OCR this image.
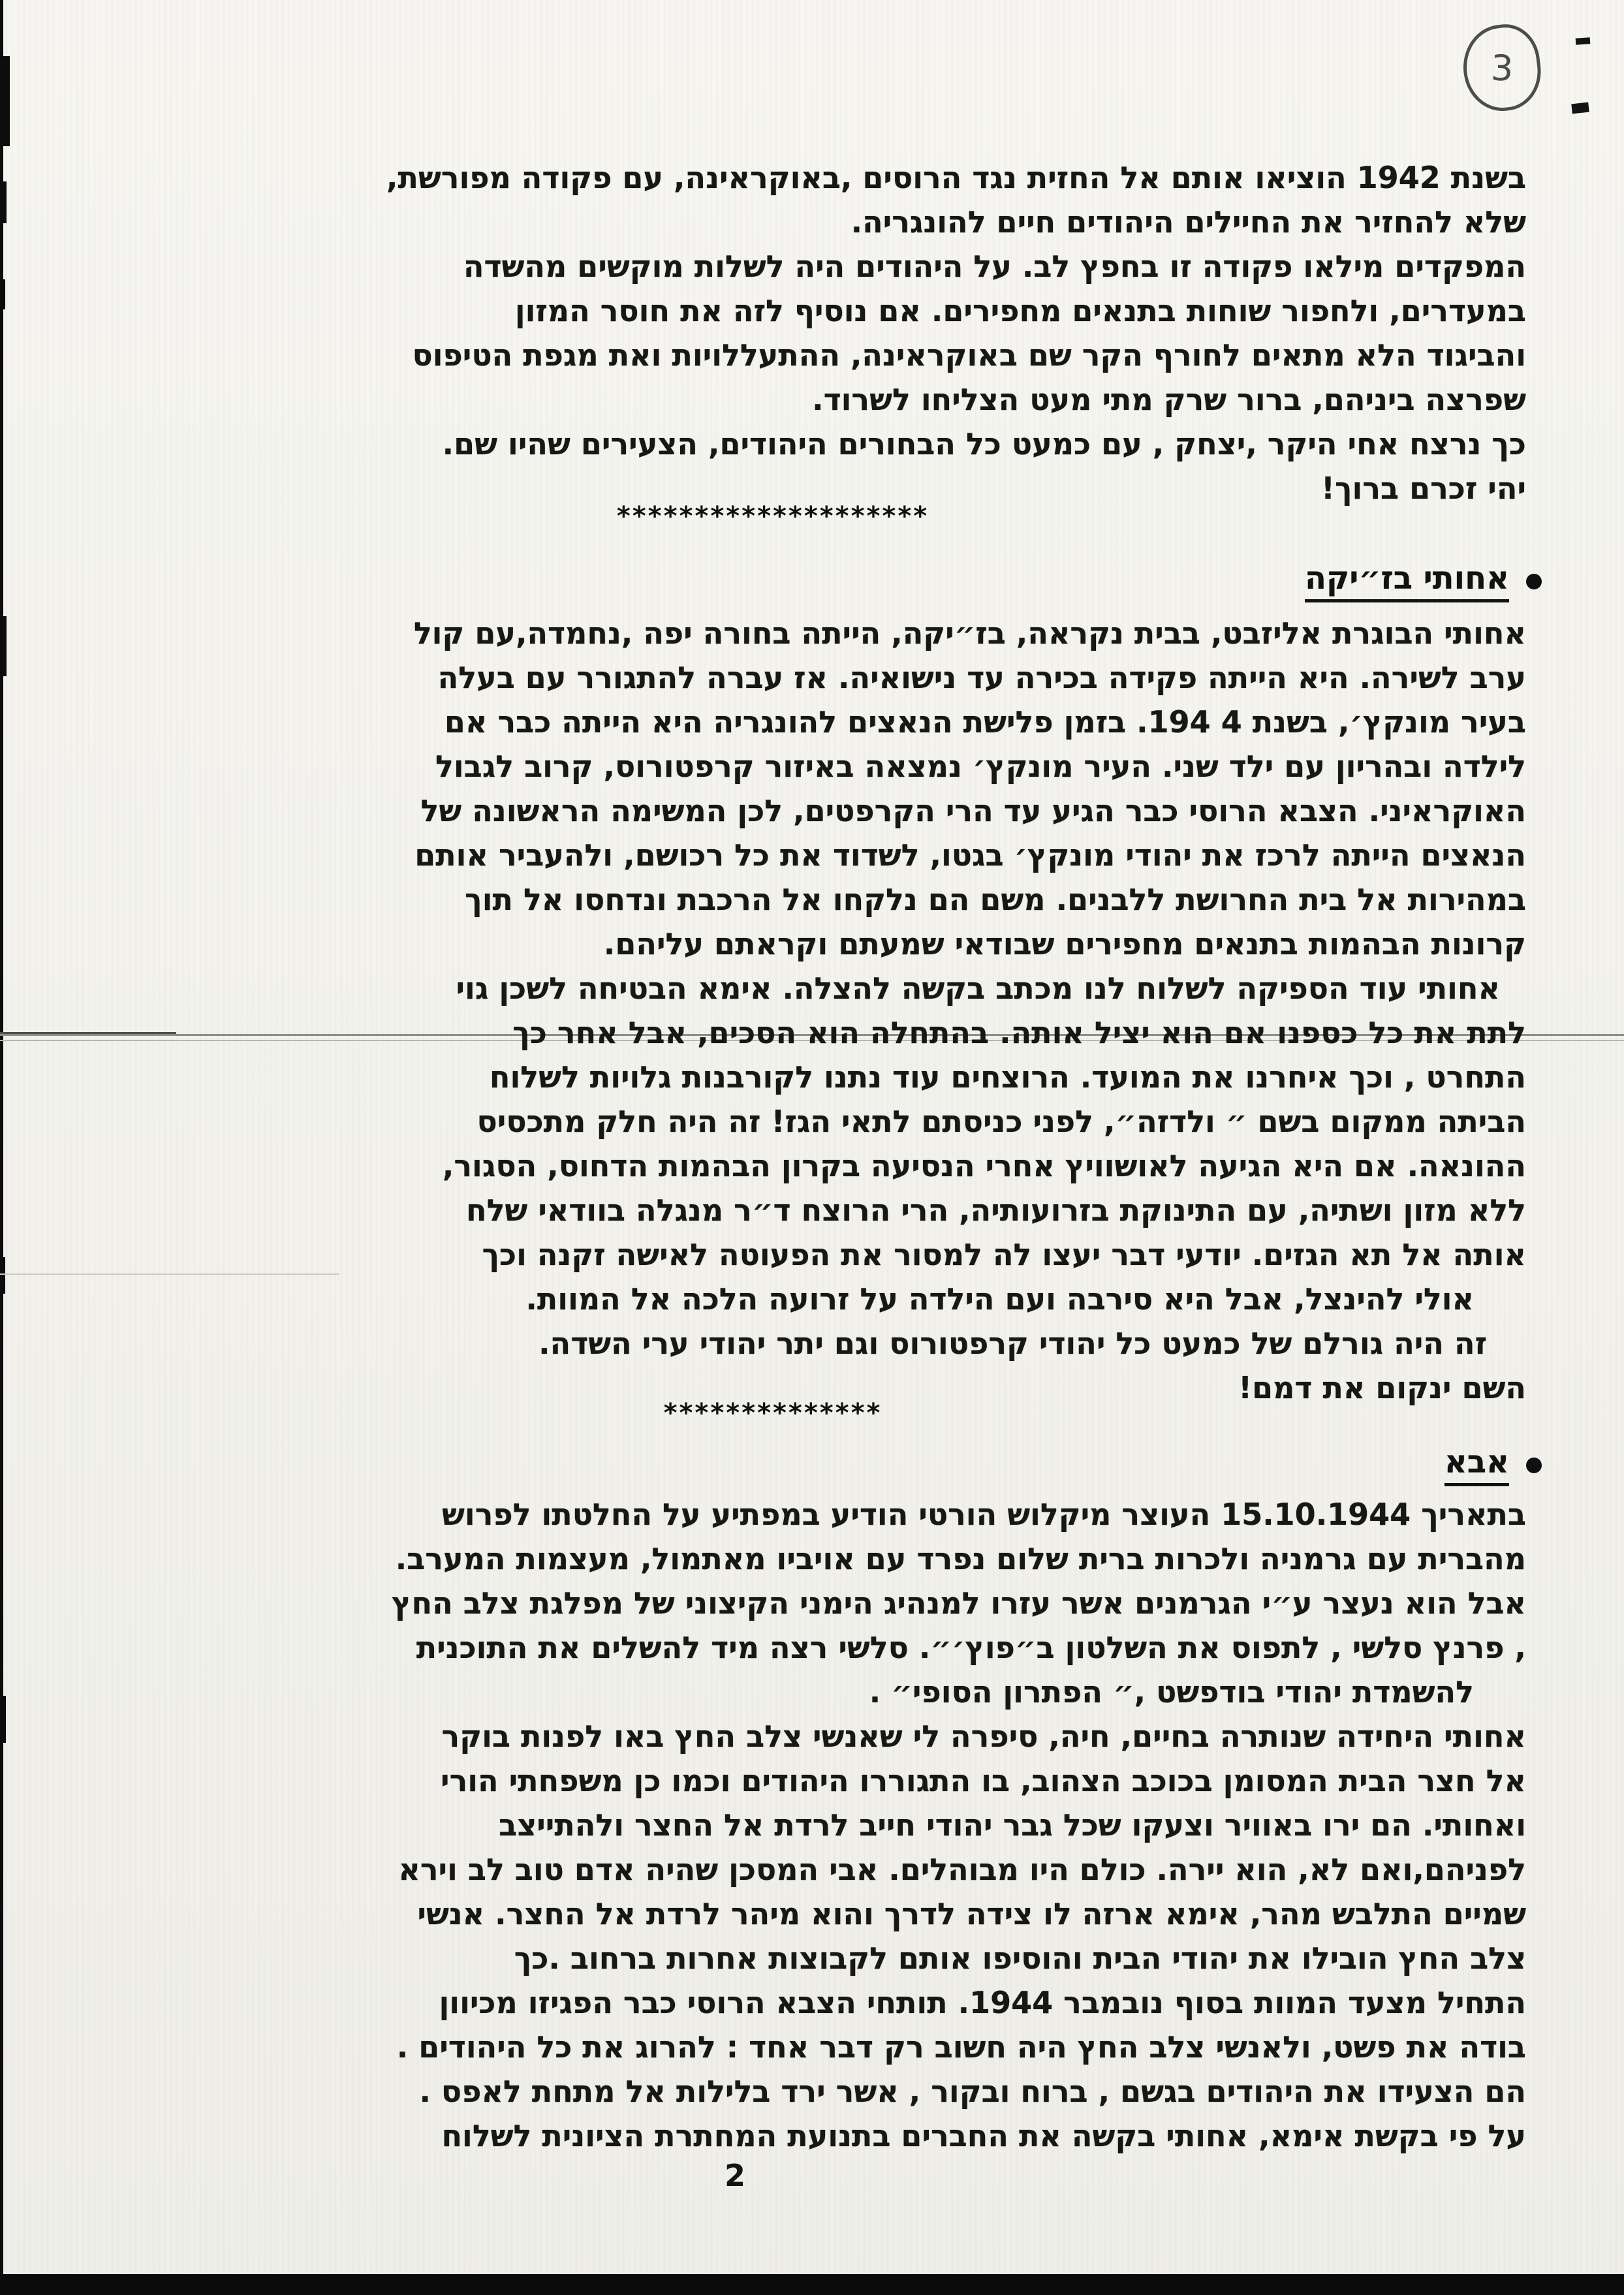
3
בשנת 1942 הוציאו אותם אל החזית נגד הרוסים ,באוקראינה, עם פקודה מפורשת,
שלא להחזיר את החיילים היהודים חיים להונגריה.
המפקדים מילאו פקודה זו בחפץ לב. על היהודים היה לשלות מוקשים מהשדה
במעדרים, ולחפור שוחות בתנאים מחפירים. אם נוסיף לזה את חוסר המזון
והביגוד הלא מתאים לחורף הקר שם באוקראינה, ההתעללויות ואת מגפת הטיפוס
שפרצה ביניהם, ברור שרק מתי מעט הצליחו לשרוד.
כך נרצח אחי היקר ,יצחק , עם כמעט כל הבחורים היהודים, הצעירים שהיו שם.
יהי זכרם ברוך!
********************
אחותי בז״יקה
אחותי הבוגרת אליזבט, בבית נקראה, בז״יקה, הייתה בחורה יפה ,נחמדה,עם קול
ערב לשירה. היא הייתה פקידה בכירה עד נישואיה. אז עברה להתגורר עם בעלה
בעיר מונקץ׳, בשנת 4 194. בזמן פלישת הנאצים להונגריה היא הייתה כבר אם
לילדה ובהריון עם ילד שני. העיר מונקץ׳ נמצאה באיזור קרפטורוס, קרוב לגבול
האוקראיני. הצבא הרוסי כבר הגיע עד הרי הקרפטים, לכן המשימה הראשונה של
הנאצים הייתה לרכז את יהודי מונקץ׳ בגטו, לשדוד את כל רכושם, ולהעביר אותם
במהירות אל בית החרושת ללבנים. משם הם נלקחו אל הרכבת ונדחסו אל תוך
קרונות הבהמות בתנאים מחפירים שבודאי שמעתם וקראתם עליהם.
אחותי עוד הספיקה לשלוח לנו מכתב בקשה להצלה. אימא הבטיחה לשכן גוי
לתת את כל כספנו אם הוא יציל אותה. בהתחלה הוא הסכים, אבל אחר כך
התחרט , וכך איחרנו את המועד. הרוצחים עוד נתנו לקורבנות גלויות לשלוח
הביתה ממקום בשם ״ ולדזה״, לפני כניסתם לתאי הגז! זה היה חלק מתכסיס
ההונאה. אם היא הגיעה לאושוויץ אחרי הנסיעה בקרון הבהמות הדחוס, הסגור,
ללא מזון ושתיה, עם התינוקת בזרועותיה, הרי הרוצח ד״ר מנגלה בוודאי שלח
אותה אל תא הגזים. יודעי דבר יעצו לה למסור את הפעוטה לאישה זקנה וכך
אולי להינצל, אבל היא סירבה ועם הילדה על זרועה הלכה אל המוות.
זה היה גורלם של כמעט כל יהודי קרפטורוס וגם יתר יהודי ערי השדה.
השם ינקום את דמם!
**************
אבא
בתאריך 15.10.1944 העוצר מיקלוש הורטי הודיע במפתיע על החלטתו לפרוש
מהברית עם גרמניה ולכרות ברית שלום נפרד עם אויביו מאתמול, מעצמות המערב.
אבל הוא נעצר ע״י הגרמנים אשר עזרו למנהיג הימני הקיצוני של מפלגת צלב החץ
, פרנץ סלשי , לתפוס את השלטון ב״פוץ׳״. סלשי רצה מיד להשלים את התוכנית
להשמדת יהודי בודפשט ,״ הפתרון הסופי״ .
אחותי היחידה שנותרה בחיים, חיה, סיפרה לי שאנשי צלב החץ באו לפנות בוקר
אל חצר הבית המסומן בכוכב הצהוב, בו התגוררו היהודים וכמו כן משפחתי הורי
ואחותי. הם ירו באוויר וצעקו שכל גבר יהודי חייב לרדת אל החצר ולהתייצב
לפניהם,ואם לא, הוא יירה. כולם היו מבוהלים. אבי המסכן שהיה אדם טוב לב וירא
שמיים התלבש מהר, אימא ארזה לו צידה לדרך והוא מיהר לרדת אל החצר. אנשי
צלב החץ הובילו את יהודי הבית והוסיפו אותם לקבוצות אחרות ברחוב .כך
התחיל מצעד המוות בסוף נובמבר 1944. תותחי הצבא הרוסי כבר הפגיזו מכיוון
בודה את פשט, ולאנשי צלב החץ היה חשוב רק דבר אחד : להרוג את כל היהודים .
הם הצעידו את היהודים בגשם , ברוח ובקור , אשר ירד בלילות אל מתחת לאפס .
על פי בקשת אימא, אחותי בקשה את החברים בתנועת המחתרת הציונית לשלוח
2
